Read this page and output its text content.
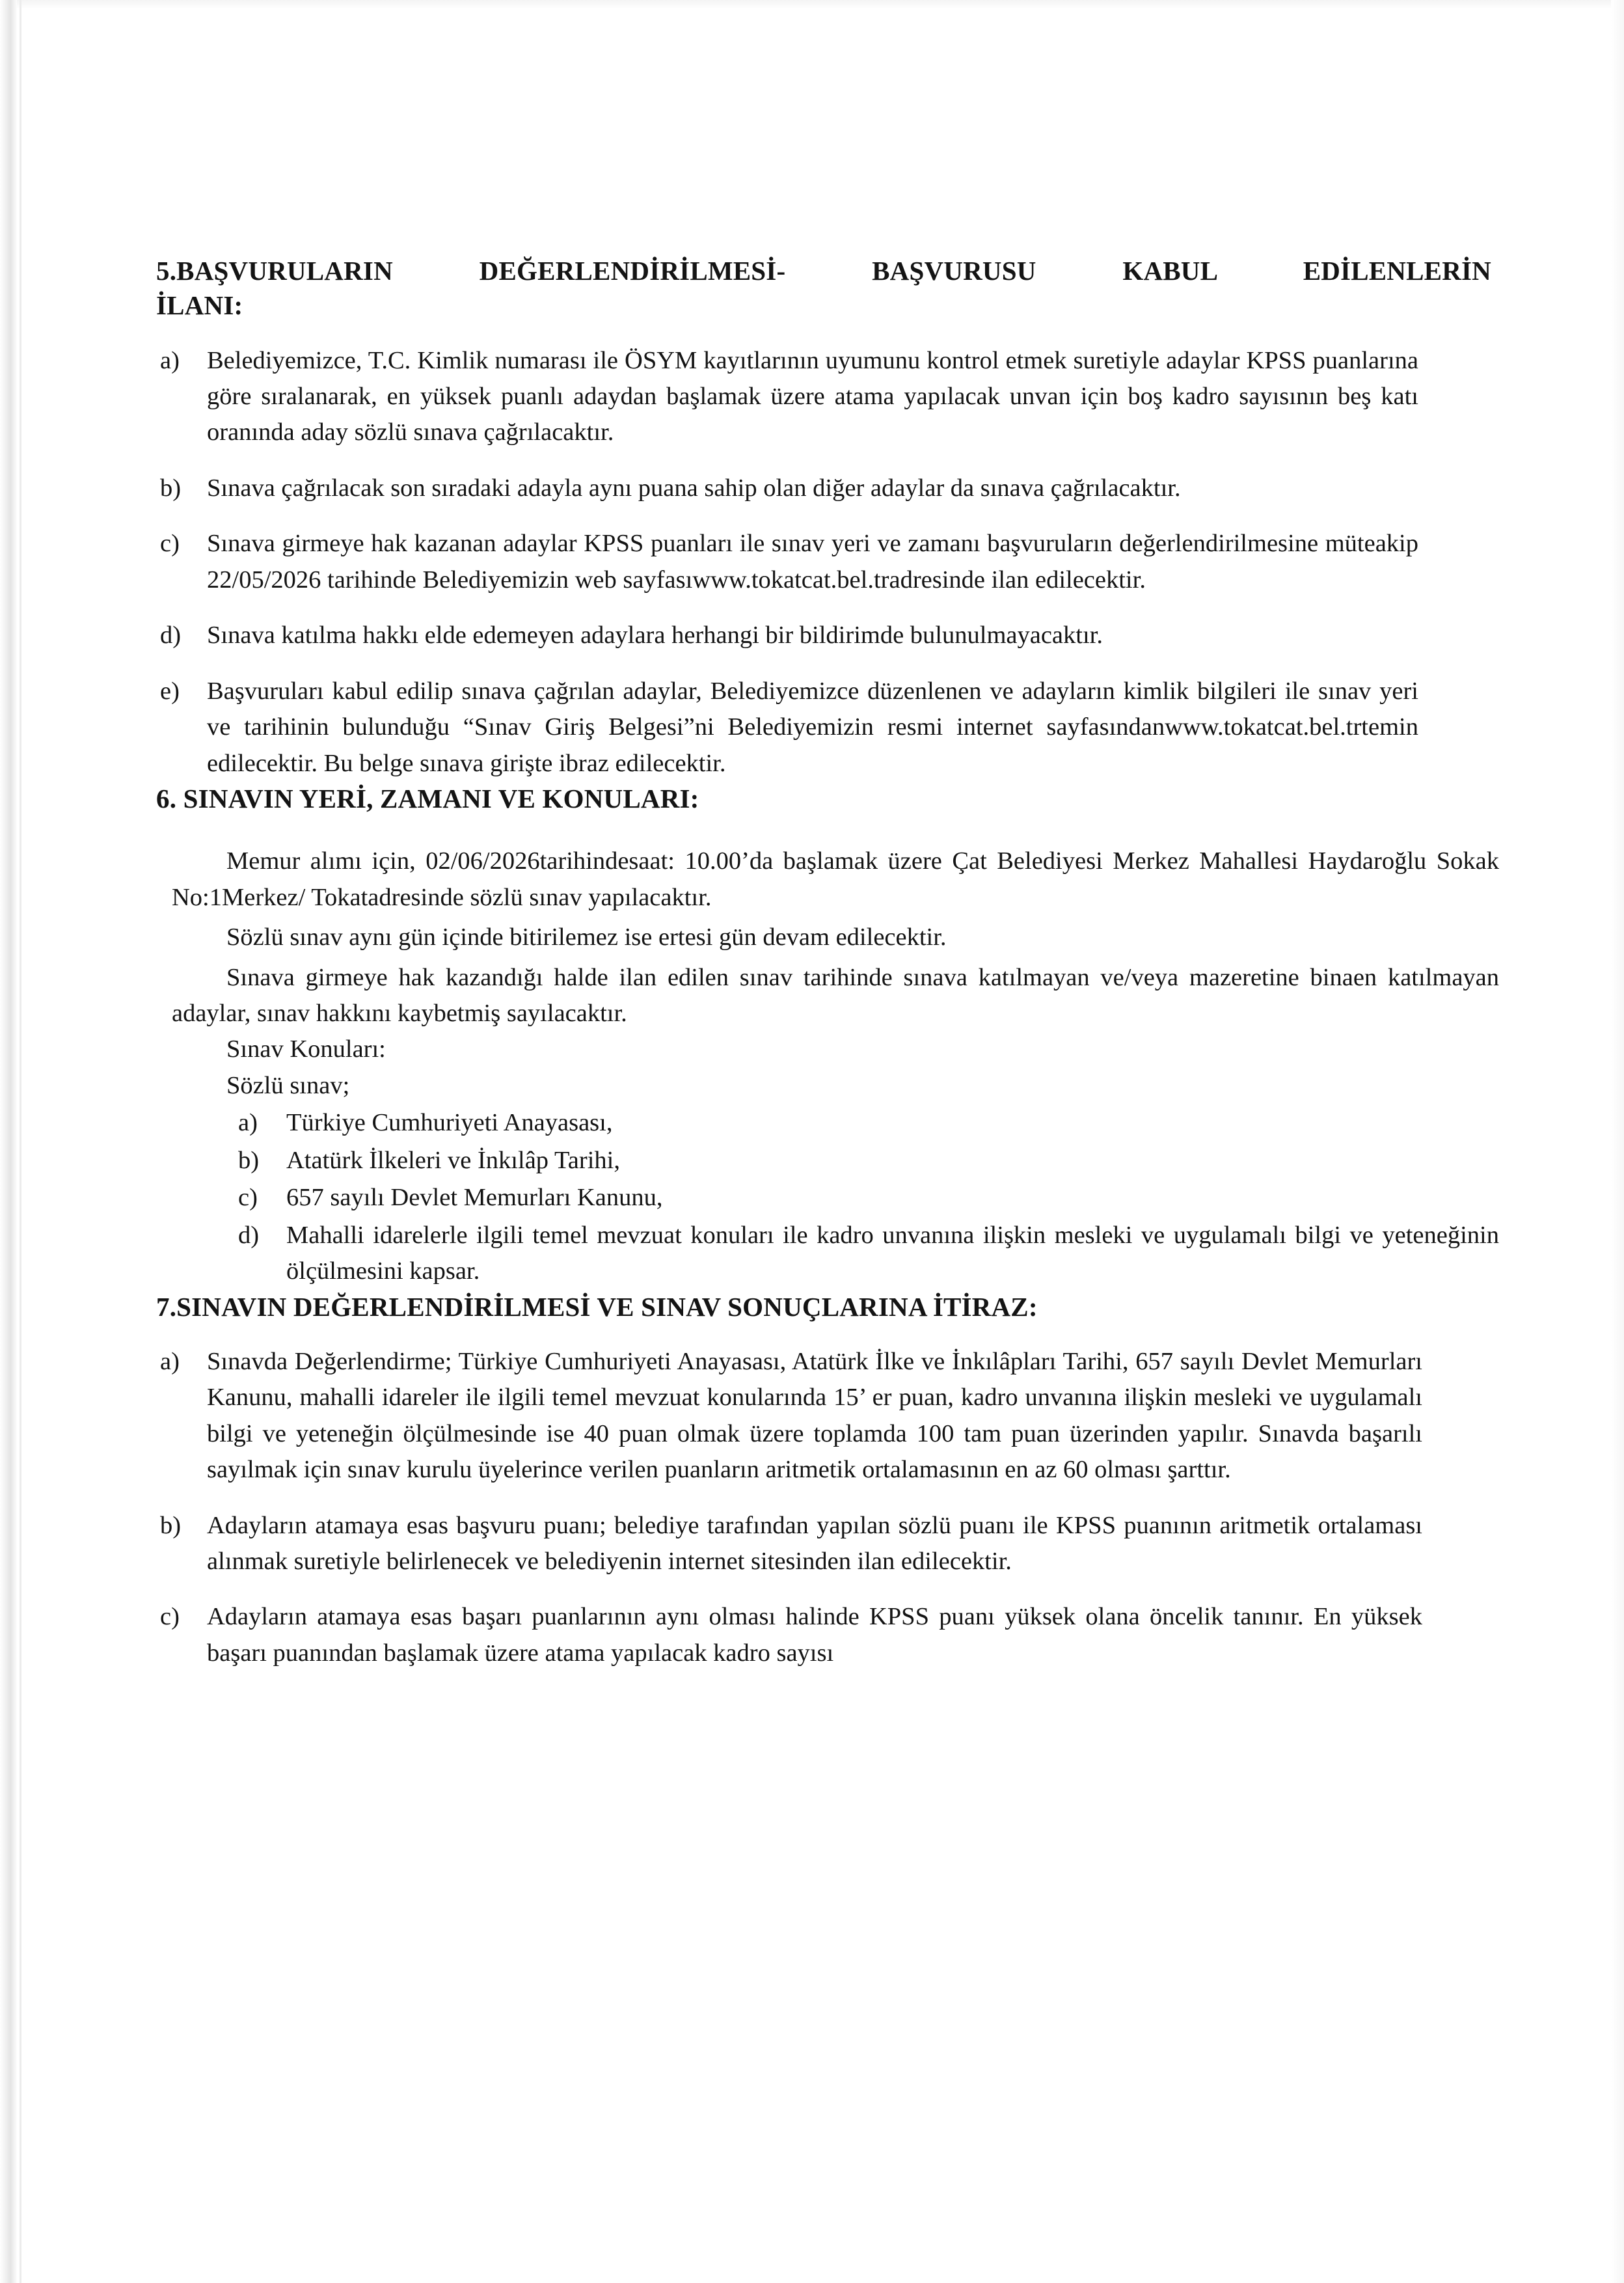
5.BAŞVURULARIN DEĞERLENDİRİLMESİ- BAŞVURUSU KABUL EDİLENLERİN
İLANI:
a)	Belediyemizce, T.C. Kimlik numarası ile ÖSYM kayıtlarının uyumunu kontrol etmek suretiyle adaylar KPSS puanlarına göre sıralanarak, en yüksek puanlı adaydan başlamak üzere atama yapılacak unvan için boş kadro sayısının beş katı oranında aday sözlü sınava çağrılacaktır.
b)	Sınava çağrılacak son sıradaki adayla aynı puana sahip olan diğer adaylar da sınava çağrılacaktır.
c)	Sınava girmeye hak kazanan adaylar KPSS puanları ile sınav yeri ve zamanı başvuruların değerlendirilmesine müteakip 22/05/2026 tarihinde Belediyemizin web sayfasıwww.tokatcat.bel.tradresinde ilan edilecektir.
d)	Sınava katılma hakkı elde edemeyen adaylara herhangi bir bildirimde bulunulmayacaktır.
e)	Başvuruları kabul edilip sınava çağrılan adaylar, Belediyemizce düzenlenen ve adayların kimlik bilgileri ile sınav yeri ve tarihinin bulunduğu “Sınav Giriş Belgesi”ni Belediyemizin resmi internet sayfasındanwww.tokatcat.bel.trtemin edilecektir. Bu belge sınava girişte ibraz edilecektir.
6. SINAVIN YERİ, ZAMANI VE KONULARI:

Memur alımı için, 02/06/2026tarihindesaat: 10.00’da başlamak üzere Çat Belediyesi Merkez Mahallesi Haydaroğlu Sokak No:1Merkez/ Tokatadresinde sözlü sınav yapılacaktır.

Sözlü sınav aynı gün içinde bitirilemez ise ertesi gün devam edilecektir.

Sınava girmeye hak kazandığı halde ilan edilen sınav tarihinde sınava katılmayan ve/veya mazeretine binaen katılmayan adaylar, sınav hakkını kaybetmiş sayılacaktır.

Sınav Konuları:

Sözlü sınav;

a)	Türkiye Cumhuriyeti Anayasası,
b)	Atatürk İlkeleri ve İnkılâp Tarihi,
c)	657 sayılı Devlet Memurları Kanunu,
d)	Mahalli idarelerle ilgili temel mevzuat konuları ile kadro unvanına ilişkin mesleki ve uygulamalı bilgi ve yeteneğinin ölçülmesini kapsar.
7.SINAVIN DEĞERLENDİRİLMESİ VE SINAV SONUÇLARINA İTİRAZ:
a)	Sınavda Değerlendirme; Türkiye Cumhuriyeti Anayasası, Atatürk İlke ve İnkılâpları Tarihi, 657 sayılı Devlet Memurları Kanunu, mahalli idareler ile ilgili temel mevzuat konularında 15’ er puan, kadro unvanına ilişkin mesleki ve uygulamalı bilgi ve yeteneğin ölçülmesinde ise 40 puan olmak üzere toplamda 100 tam puan üzerinden yapılır. Sınavda başarılı sayılmak için sınav kurulu üyelerince verilen puanların aritmetik ortalamasının en az 60 olması şarttır.
b)	Adayların atamaya esas başvuru puanı; belediye tarafından yapılan sözlü puanı ile KPSS puanının aritmetik ortalaması alınmak suretiyle belirlenecek ve belediyenin internet sitesinden ilan edilecektir.
c)	Adayların atamaya esas başarı puanlarının aynı olması halinde KPSS puanı yüksek olana öncelik tanınır. En yüksek başarı puanından başlamak üzere atama yapılacak kadro sayısı
